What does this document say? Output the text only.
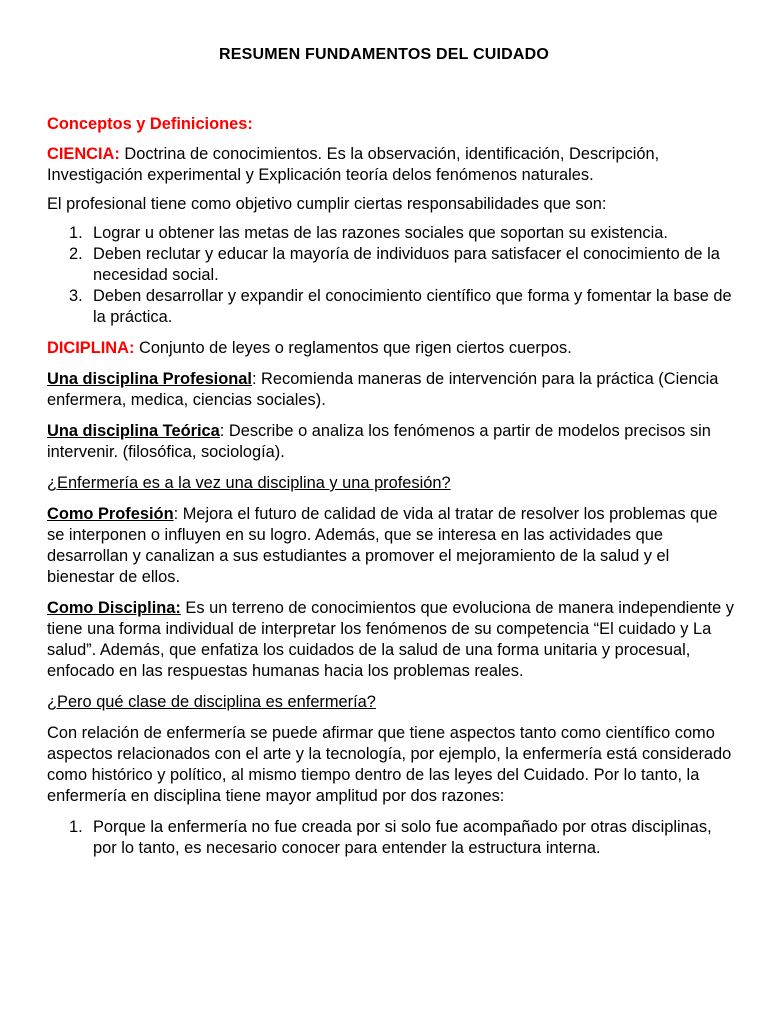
RESUMEN FUNDAMENTOS DEL CUIDADO

Conceptos y Definiciones:

CIENCIA: Doctrina de conocimientos. Es la observación, identificación, Descripción, Investigación experimental y Explicación teoría delos fenómenos naturales.

El profesional tiene como objetivo cumplir ciertas responsabilidades que son:

1. Lograr u obtener las metas de las razones sociales que soportan su existencia.
2. Deben reclutar y educar la mayoría de individuos para satisfacer el conocimiento de la necesidad social.
3. Deben desarrollar y expandir el conocimiento científico que forma y fomentar la base de la práctica.

DICIPLINA: Conjunto de leyes o reglamentos que rigen ciertos cuerpos.

Una disciplina Profesional: Recomienda maneras de intervención para la práctica (Ciencia enfermera, medica, ciencias sociales).

Una disciplina Teórica: Describe o analiza los fenómenos a partir de modelos precisos sin intervenir. (filosófica, sociología).

¿Enfermería es a la vez una disciplina y una profesión?

Como Profesión: Mejora el futuro de calidad de vida al tratar de resolver los problemas que se interponen o influyen en su logro. Además, que se interesa en las actividades que desarrollan y canalizan a sus estudiantes a promover el mejoramiento de la salud y el bienestar de ellos.

Como Disciplina: Es un terreno de conocimientos que evoluciona de manera independiente y tiene una forma individual de interpretar los fenómenos de su competencia “El cuidado y La salud”. Además, que enfatiza los cuidados de la salud de una forma unitaria y procesual, enfocado en las respuestas humanas hacia los problemas reales.

¿Pero qué clase de disciplina es enfermería?

Con relación de enfermería se puede afirmar que tiene aspectos tanto como científico como aspectos relacionados con el arte y la tecnología, por ejemplo, la enfermería está considerado como histórico y político, al mismo tiempo dentro de las leyes del Cuidado. Por lo tanto, la enfermería en disciplina tiene mayor amplitud por dos razones:

1. Porque la enfermería no fue creada por si solo fue acompañado por otras disciplinas, por lo tanto, es necesario conocer para entender la estructura interna.
